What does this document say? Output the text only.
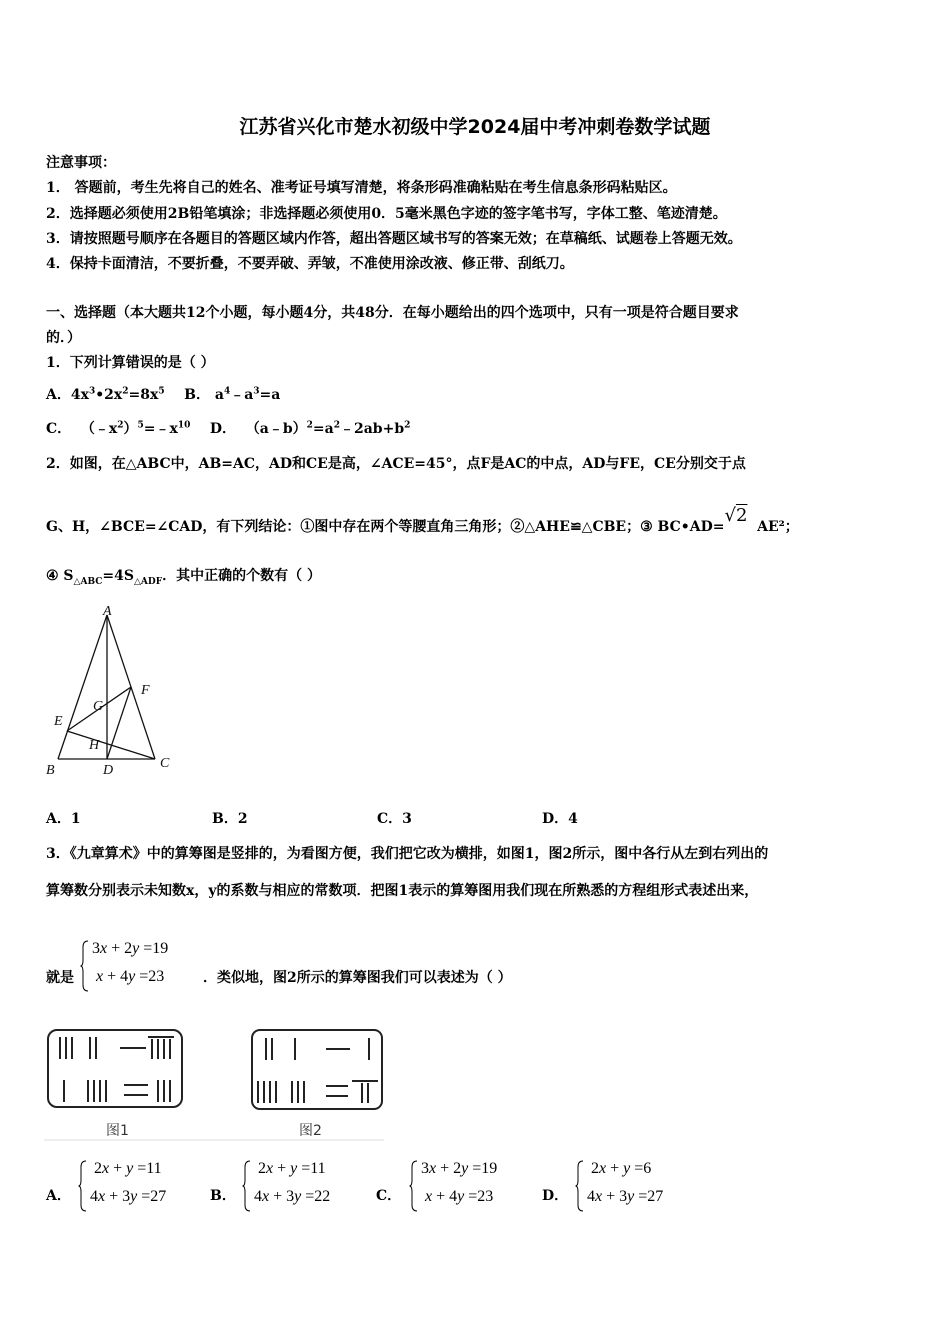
江苏省兴化市楚水初级中学2024届中考冲刺卷数学试题
注意事项：
1． 答题前，考生先将自己的姓名、准考证号填写清楚，将条形码准确粘贴在考生信息条形码粘贴区。
2．选择题必须使用2B铅笔填涂；非选择题必须使用0．5毫米黑色字迹的签字笔书写，字体工整、笔迹清楚。
3．请按照题号顺序在各题目的答题区域内作答，超出答题区域书写的答案无效；在草稿纸、试题卷上答题无效。
4．保持卡面清洁，不要折叠，不要弄破、弄皱，不准使用涂改液、修正带、刮纸刀。
一、选择题（本大题共12个小题，每小题4分，共48分．在每小题给出的四个选项中，只有一项是符合题目要求
的．）
1．下列计算错误的是（ ）
A．$4x^3•2x^2=8x^5$ B． $a^4﹣a^3=a$
C．  $(﹣x^2)^5=﹣x^{10}$ D．  $(a﹣b)^2=a^2﹣2ab+b^2$
2．如图，在△ABC中，AB=AC，AD和CE是高，∠ACE=45°，点F是AC的中点，AD与FE，CE分别交于点
G、H，∠BCE=∠CAD，有下列结论：①图中存在两个等腰直角三角形；②△AHE≌△CBE；③ BC•AD=√2  AE²；
④ $S_{\triangle ABC}=4S_{\triangle ADF}$．其中正确的个数有（ ）
A
F
G
E
H
B	D	C
A．1	B．2	C．3	D．4
3．《九章算术》中的算筹图是竖排的，为看图方便，我们把它改为横排，如图1，图2所示，图中各行从左到右列出的
算筹数分别表示未知数x，y的系数与相应的常数项．把图1表示的算筹图用我们现在所熟悉的方程组形式表述出来，
就是
3x + 2y =19
x + 4y =23	．类似地，图2所示的算筹图我们可以表述为（ ）
图1	图2
A．
2x + y =11
4x + 3y =27	B．
2x + y =11
4x + 3y =22	C．
3x + 2y =19
x + 4y =23	D．
2x + y =6
4x + 3y =27
